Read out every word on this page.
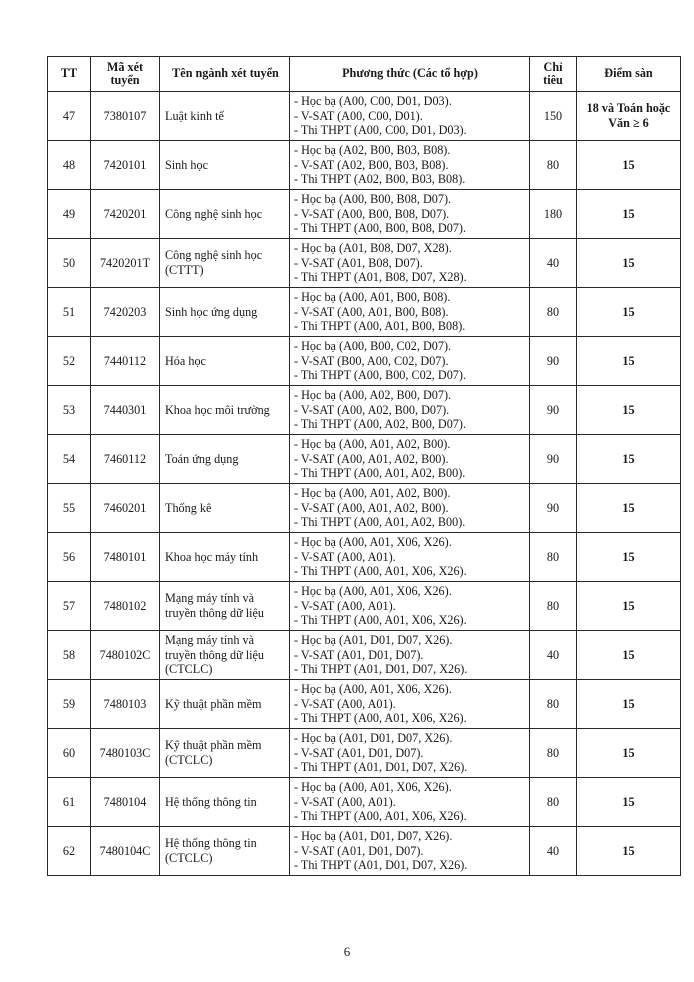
TT	Mã xét tuyển	Tên ngành xét tuyển	Phương thức (Các tổ hợp)	Chỉ tiêu	Điểm sàn
47	7380107	Luật kinh tế	- Học bạ (A00, C00, D01, D03).
- V-SAT (A00, C00, D01).
- Thi THPT (A00, C00, D01, D03).	150	18 và Toán hoặc Văn ≥ 6
48	7420101	Sinh học	- Học bạ (A02, B00, B03, B08).
- V-SAT (A02, B00, B03, B08).
- Thi THPT (A02, B00, B03, B08).	80	15
49	7420201	Công nghệ sinh học	- Học bạ (A00, B00, B08, D07).
- V-SAT (A00, B00, B08, D07).
- Thi THPT (A00, B00, B08, D07).	180	15
50	7420201T	Công nghệ sinh học (CTTT)	- Học bạ (A01, B08, D07, X28).
- V-SAT (A01, B08, D07).
- Thi THPT (A01, B08, D07, X28).	40	15
51	7420203	Sinh học ứng dụng	- Học bạ (A00, A01, B00, B08).
- V-SAT (A00, A01, B00, B08).
- Thi THPT (A00, A01, B00, B08).	80	15
52	7440112	Hóa học	- Học bạ (A00, B00, C02, D07).
- V-SAT (B00, A00, C02, D07).
- Thi THPT (A00, B00, C02, D07).	90	15
53	7440301	Khoa học môi trường	- Học bạ (A00, A02, B00, D07).
- V-SAT (A00, A02, B00, D07).
- Thi THPT (A00, A02, B00, D07).	90	15
54	7460112	Toán ứng dụng	- Học bạ (A00, A01, A02, B00).
- V-SAT (A00, A01, A02, B00).
- Thi THPT (A00, A01, A02, B00).	90	15
55	7460201	Thống kê	- Học bạ (A00, A01, A02, B00).
- V-SAT (A00, A01, A02, B00).
- Thi THPT (A00, A01, A02, B00).	90	15
56	7480101	Khoa học máy tính	- Học bạ (A00, A01, X06, X26).
- V-SAT (A00, A01).
- Thi THPT (A00, A01, X06, X26).	80	15
57	7480102	Mạng máy tính và truyền thông dữ liệu	- Học bạ (A00, A01, X06, X26).
- V-SAT (A00, A01).
- Thi THPT (A00, A01, X06, X26).	80	15
58	7480102C	Mạng máy tính và truyền thông dữ liệu (CTCLC)	- Học bạ (A01, D01, D07, X26).
- V-SAT (A01, D01, D07).
- Thi THPT (A01, D01, D07, X26).	40	15
59	7480103	Kỹ thuật phần mềm	- Học bạ (A00, A01, X06, X26).
- V-SAT (A00, A01).
- Thi THPT (A00, A01, X06, X26).	80	15
60	7480103C	Kỹ thuật phần mềm (CTCLC)	- Học bạ (A01, D01, D07, X26).
- V-SAT (A01, D01, D07).
- Thi THPT (A01, D01, D07, X26).	80	15
61	7480104	Hệ thống thông tin	- Học bạ (A00, A01, X06, X26).
- V-SAT (A00, A01).
- Thi THPT (A00, A01, X06, X26).	80	15
62	7480104C	Hệ thống thông tin (CTCLC)	- Học bạ (A01, D01, D07, X26).
- V-SAT (A01, D01, D07).
- Thi THPT (A01, D01, D07, X26).	40	15
6
